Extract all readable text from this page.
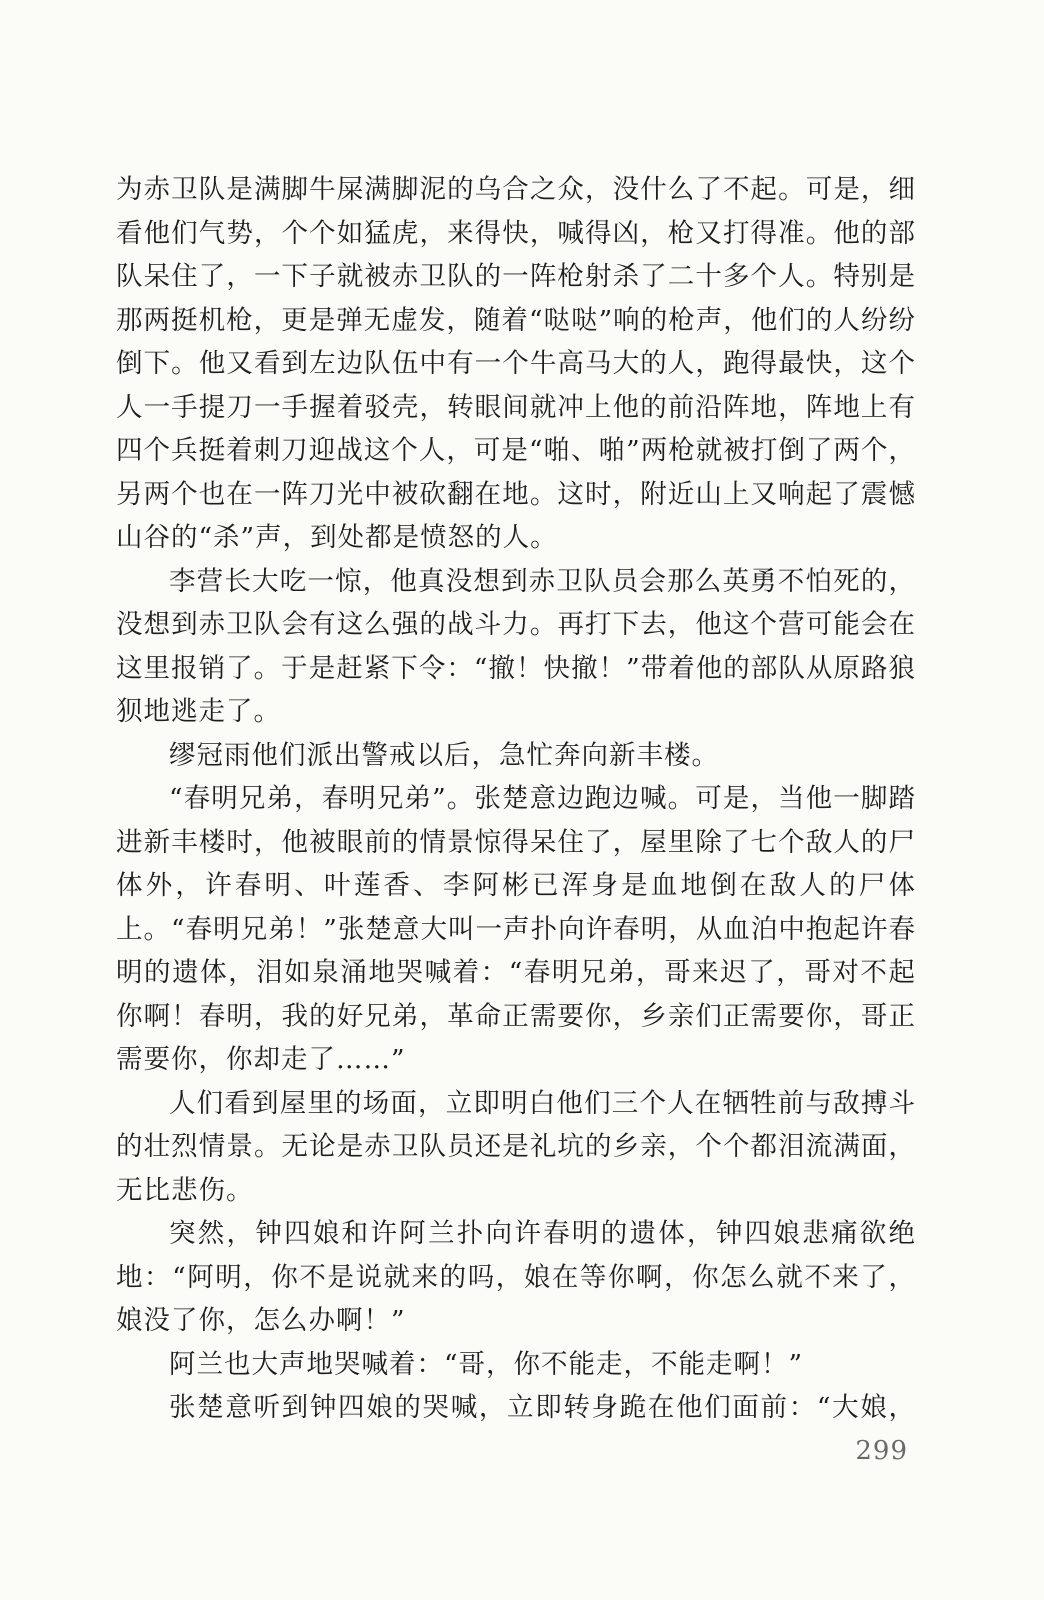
为赤卫队是满脚牛屎满脚泥的乌合之众，没什么了不起。可是，细看他们气势，个个如猛虎，来得快，喊得凶，枪又打得准。他的部队呆住了，一下子就被赤卫队的一阵枪射杀了二十多个人。特别是那两挺机枪，更是弹无虚发，随着“哒哒”响的枪声，他们的人纷纷倒下。他又看到左边队伍中有一个牛高马大的人，跑得最快，这个人一手提刀一手握着驳壳，转眼间就冲上他的前沿阵地，阵地上有四个兵挺着刺刀迎战这个人，可是“啪、啪”两枪就被打倒了两个，另两个也在一阵刀光中被砍翻在地。这时，附近山上又响起了震憾山谷的“杀”声，到处都是愤怒的人。

李营长大吃一惊，他真没想到赤卫队员会那么英勇不怕死的，没想到赤卫队会有这么强的战斗力。再打下去，他这个营可能会在这里报销了。于是赶紧下令：“撤！快撤！”带着他的部队从原路狼狈地逃走了。

缪冠雨他们派出警戒以后，急忙奔向新丰楼。

“春明兄弟，春明兄弟”。张楚意边跑边喊。可是，当他一脚踏进新丰楼时，他被眼前的情景惊得呆住了，屋里除了七个敌人的尸体外，许春明、叶莲香、李阿彬已浑身是血地倒在敌人的尸体上。“春明兄弟！”张楚意大叫一声扑向许春明，从血泊中抱起许春明的遗体，泪如泉涌地哭喊着：“春明兄弟，哥来迟了，哥对不起你啊！春明，我的好兄弟，革命正需要你，乡亲们正需要你，哥正需要你，你却走了……”

人们看到屋里的场面，立即明白他们三个人在牺牲前与敌搏斗的壮烈情景。无论是赤卫队员还是礼坑的乡亲，个个都泪流满面，无比悲伤。

突然，钟四娘和许阿兰扑向许春明的遗体，钟四娘悲痛欲绝地：“阿明，你不是说就来的吗，娘在等你啊，你怎么就不来了，娘没了你，怎么办啊！”

阿兰也大声地哭喊着：“哥，你不能走，不能走啊！”

张楚意听到钟四娘的哭喊，立即转身跪在他们面前：“大娘，

299
